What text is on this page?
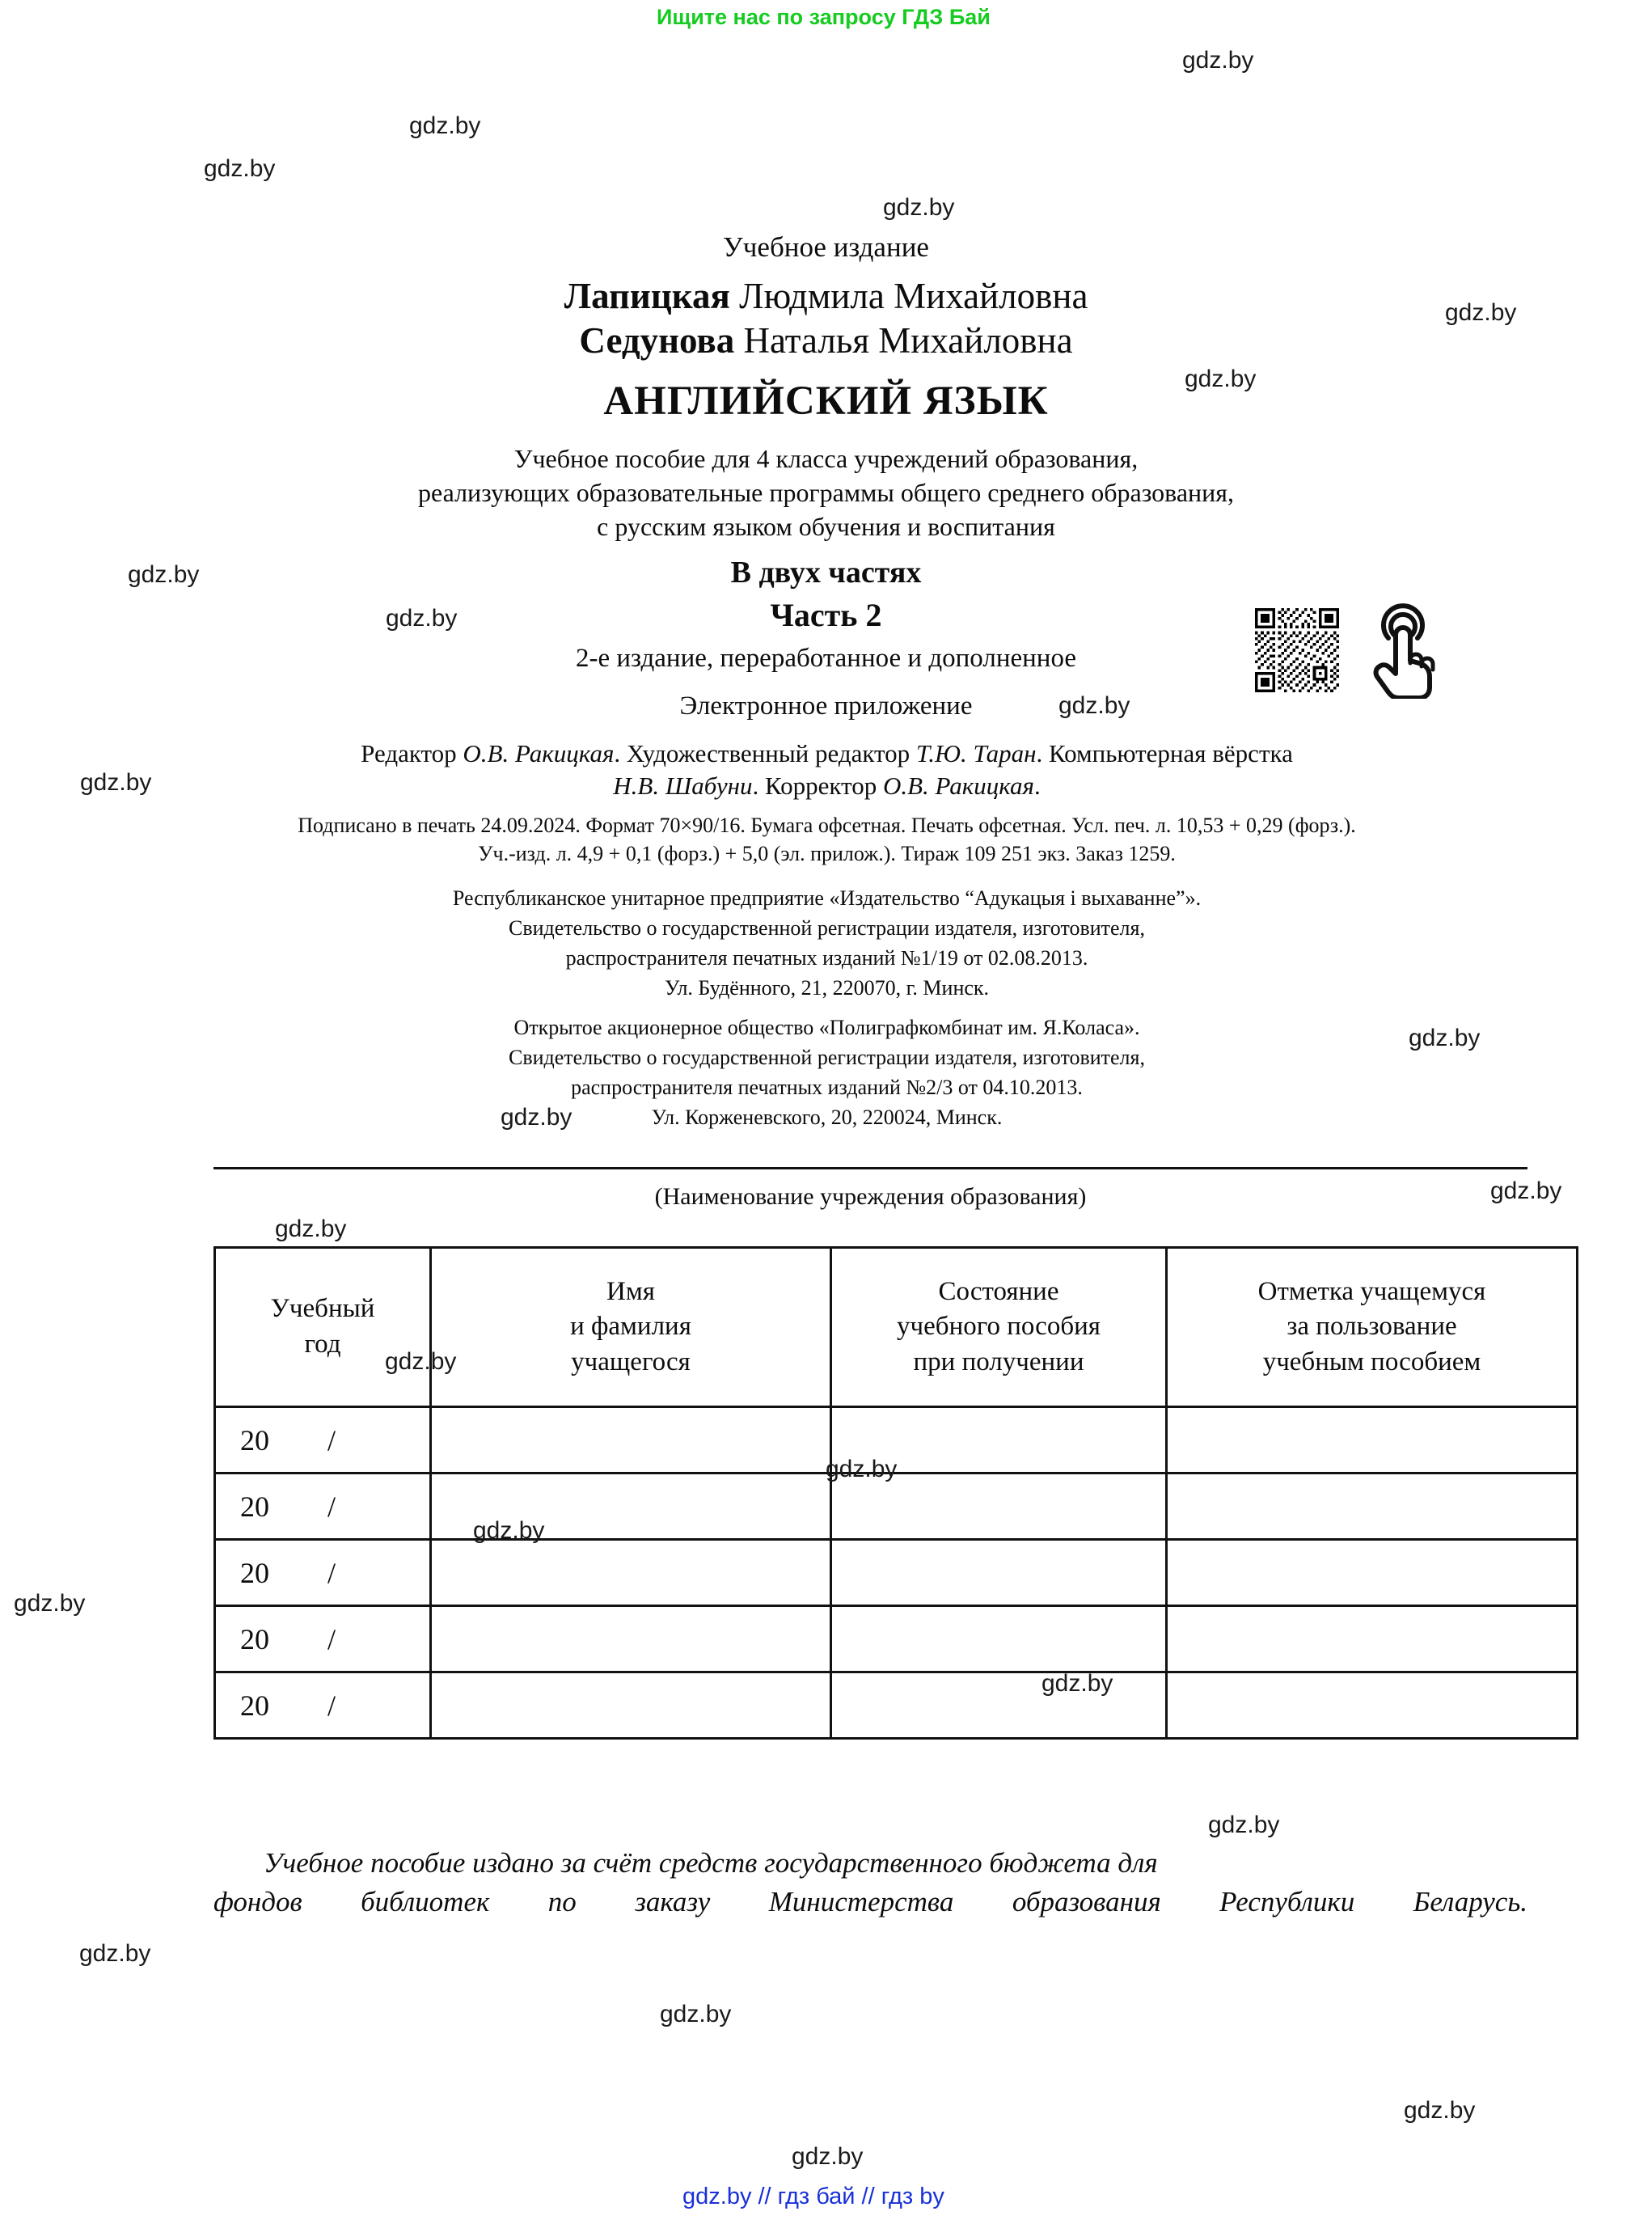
Ищите нас по запросу ГДЗ Бай
Учебное издание
Лапицкая Людмила Михайловна
Седунова Наталья Михайловна
АНГЛИЙСКИЙ ЯЗЫК
Учебное пособие для 4 класса учреждений образования,
реализующих образовательные программы общего среднего образования,
с русским языком обучения и воспитания
В двух частях
Часть 2
2-е издание, переработанное и дополненное
Электронное приложение
Редактор О.В. Ракицкая. Художественный редактор Т.Ю. Таран. Компьютерная вёрстка
Н.В. Шабуни. Корректор О.В. Ракицкая.
Подписано в печать 24.09.2024. Формат 70×90/16. Бумага офсетная. Печать офсетная. Усл. печ. л. 10,53 + 0,29 (форз.).
Уч.-изд. л. 4,9 + 0,1 (форз.) + 5,0 (эл. прилож.). Тираж 109 251 экз. Заказ 1259.
Республиканское унитарное предприятие «Издательство “Адукацыя і выхаванне”».
Свидетельство о государственной регистрации издателя, изготовителя,
распространителя печатных изданий №1/19 от 02.08.2013.
Ул. Будённого, 21, 220070, г. Минск.
Открытое акционерное общество «Полиграфкомбинат им. Я.Коласа».
Свидетельство о государственной регистрации издателя, изготовителя,
распространителя печатных изданий №2/3 от 04.10.2013.
Ул. Корженевского, 20, 220024, Минск.
(Наименование учреждения образования)
Учебный
год	Имя
и фамилия
учащегося	Состояние
учебного пособия
при получении	Отметка учащемуся
за пользование
учебным пособием

20        /			
20        /			
20        /			
20        /			
20        /			
Учебное пособие издано за счёт средств государственного бюджета для
фондов библиотек по заказу Министерства образования Республики Беларусь.
gdz.by // гдз бай // гдз by
gdz.by
gdz.by
gdz.by
gdz.by
gdz.by
gdz.by
gdz.by
gdz.by
gdz.by
gdz.by
gdz.by
gdz.by
gdz.by
gdz.by
gdz.by
gdz.by
gdz.by
gdz.by
gdz.by
gdz.by
gdz.by
gdz.by
gdz.by
gdz.by
